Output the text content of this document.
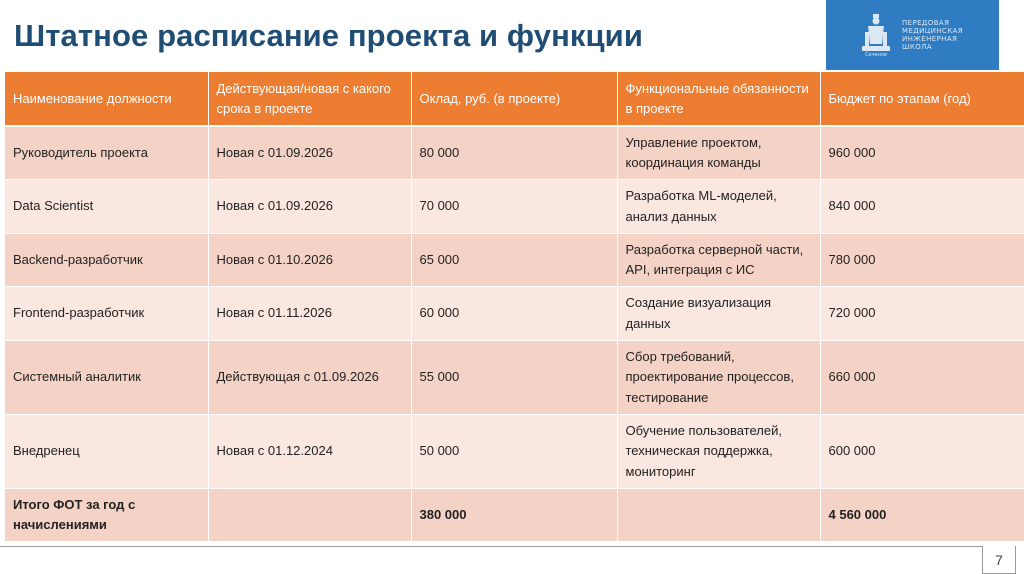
Штатное расписание проекта и функции
Сеченов
ПЕРЕДОВАЯ
МЕДИЦИНСКАЯ
ИНЖЕНЕРНАЯ
ШКОЛА
Наименование должности	Действующая/новая с какого срока в проекте	Оклад, руб. (в проекте)	Функциональные обязанности в проекте	Бюджет по этапам (год)
Руководитель проекта	Новая с 01.09.2026	80 000	Управление проектом, координация команды	960 000
Data Scientist	Новая с 01.09.2026	70 000	Разработка ML-моделей, анализ данных	840 000
Backend-разработчик	Новая с 01.10.2026	65 000	Разработка серверной части, API, интеграция с ИС	780 000
Frontend-разработчик	Новая с 01.11.2026	60 000	Создание визуализация данных	720 000
Системный аналитик	Действующая с 01.09.2026	55 000	Сбор требований, проектирование процессов, тестирование	660 000
Внедренец	Новая с 01.12.2024	50 000	Обучение пользователей, техническая поддержка, мониторинг	600 000
Итого ФОТ за год с начислениями		380 000		4 560 000
7
